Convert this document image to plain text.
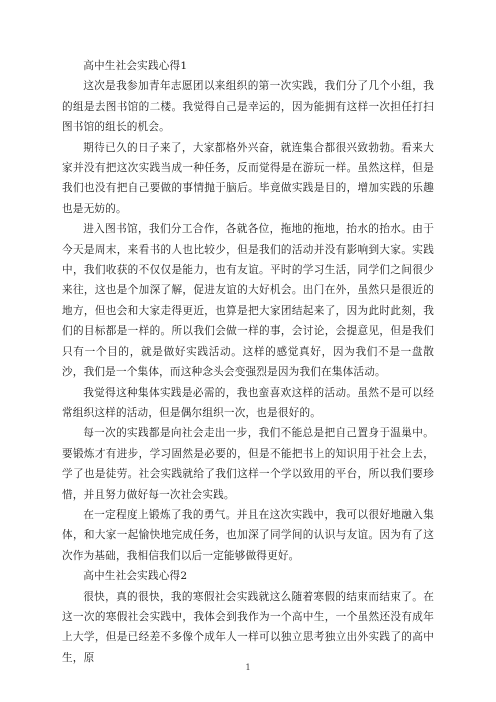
高中生社会实践心得1

这次是我参加青年志愿团以来组织的第一次实践，我们分了几个小组，我的组是去图书馆的二楼。我觉得自己是幸运的，因为能拥有这样一次担任打扫图书馆的组长的机会。

期待已久的日子来了，大家都格外兴奋，就连集合都很兴致勃勃。看来大家并没有把这次实践当成一种任务，反而觉得是在游玩一样。虽然这样，但是我们也没有把自己要做的事情抛于脑后。毕竟做实践是目的，增加实践的乐趣也是无妨的。

进入图书馆，我们分工合作，各就各位，拖地的拖地，抬水的抬水。由于今天是周末，来看书的人也比较少，但是我们的活动并没有影响到大家。实践中，我们收获的不仅仅是能力，也有友谊。平时的学习生活，同学们之间很少来往，这也是个加深了解，促进友谊的大好机会。出门在外，虽然只是很近的地方，但也会和大家走得更近，也算是把大家团结起来了，因为此时此刻，我们的目标都是一样的。所以我们会做一样的事，会讨论，会提意见，但是我们只有一个目的，就是做好实践活动。这样的感觉真好，因为我们不是一盘散沙，我们是一个集体，而这种念头会变强烈是因为我们在集体活动。

我觉得这种集体实践是必需的，我也蛮喜欢这样的活动。虽然不是可以经常组织这样的活动，但是偶尔组织一次，也是很好的。

每一次的实践都是向社会走出一步，我们不能总是把自己置身于温巢中。要锻炼才有进步，学习固然是必要的，但是不能把书上的知识用于社会上去，学了也是徒劳。社会实践就给了我们这样一个学以致用的平台，所以我们要珍惜，并且努力做好每一次社会实践。

在一定程度上锻炼了我的勇气。并且在这次实践中，我可以很好地融入集体，和大家一起愉快地完成任务，也加深了同学间的认识与友谊。因为有了这次作为基础，我相信我们以后一定能够做得更好。

高中生社会实践心得2

很快，真的很快，我的寒假社会实践就这么随着寒假的结束而结束了。在这一次的寒假社会实践中，我体会到我作为一个高中生，一个虽然还没有成年上大学，但是已经差不多像个成年人一样可以独立思考独立出外实践了的高中生，原

1
